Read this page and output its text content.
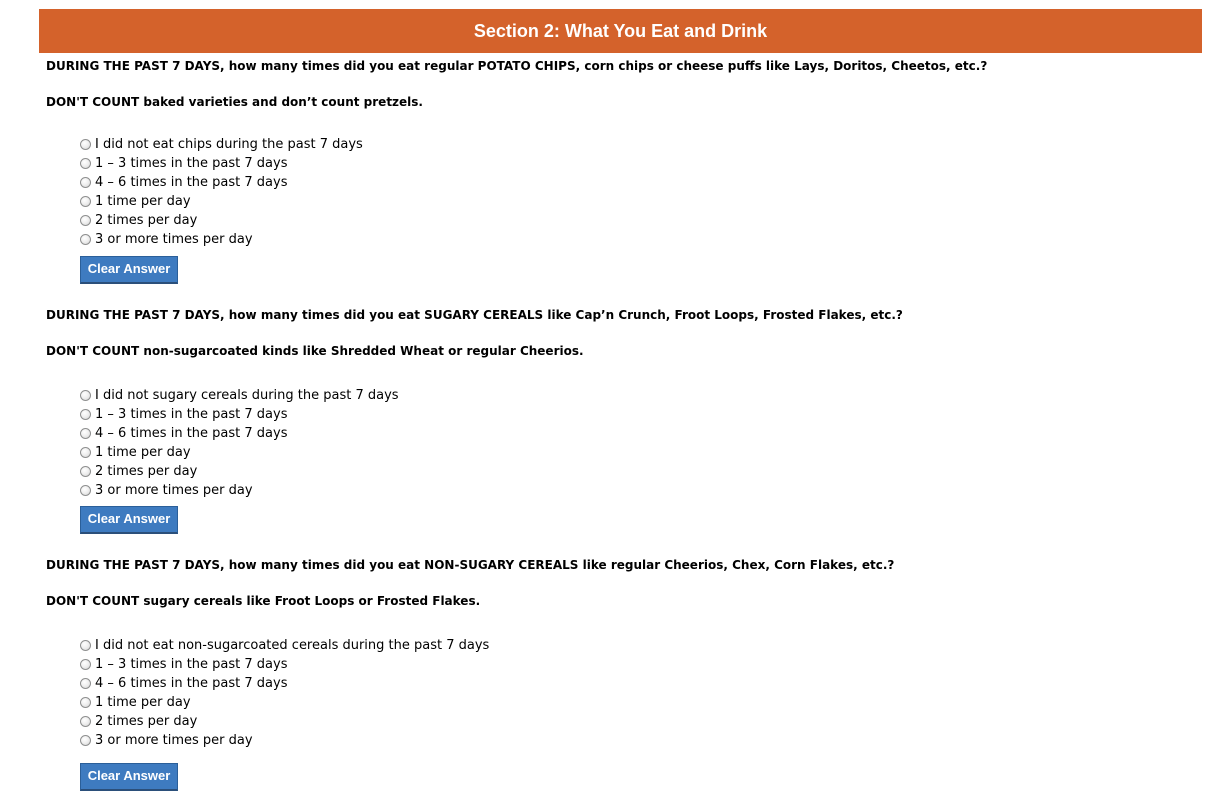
Section 2: What You Eat and Drink
DURING THE PAST 7 DAYS, how many times did you eat regular POTATO CHIPS, corn chips or cheese puffs like Lays, Doritos, Cheetos, etc.?
DON'T COUNT baked varieties and don’t count pretzels.
I did not eat chips during the past 7 days
1 – 3 times in the past 7 days
4 – 6 times in the past 7 days
1 time per day
2 times per day
3 or more times per day
Clear Answer
DURING THE PAST 7 DAYS, how many times did you eat SUGARY CEREALS like Cap’n Crunch, Froot Loops, Frosted Flakes, etc.?
DON'T COUNT non-sugarcoated kinds like Shredded Wheat or regular Cheerios.
I did not sugary cereals during the past 7 days
1 – 3 times in the past 7 days
4 – 6 times in the past 7 days
1 time per day
2 times per day
3 or more times per day
Clear Answer
DURING THE PAST 7 DAYS, how many times did you eat NON-SUGARY CEREALS like regular Cheerios, Chex, Corn Flakes, etc.?
DON'T COUNT sugary cereals like Froot Loops or Frosted Flakes.
I did not eat non-sugarcoated cereals during the past 7 days
1 – 3 times in the past 7 days
4 – 6 times in the past 7 days
1 time per day
2 times per day
3 or more times per day
Clear Answer
